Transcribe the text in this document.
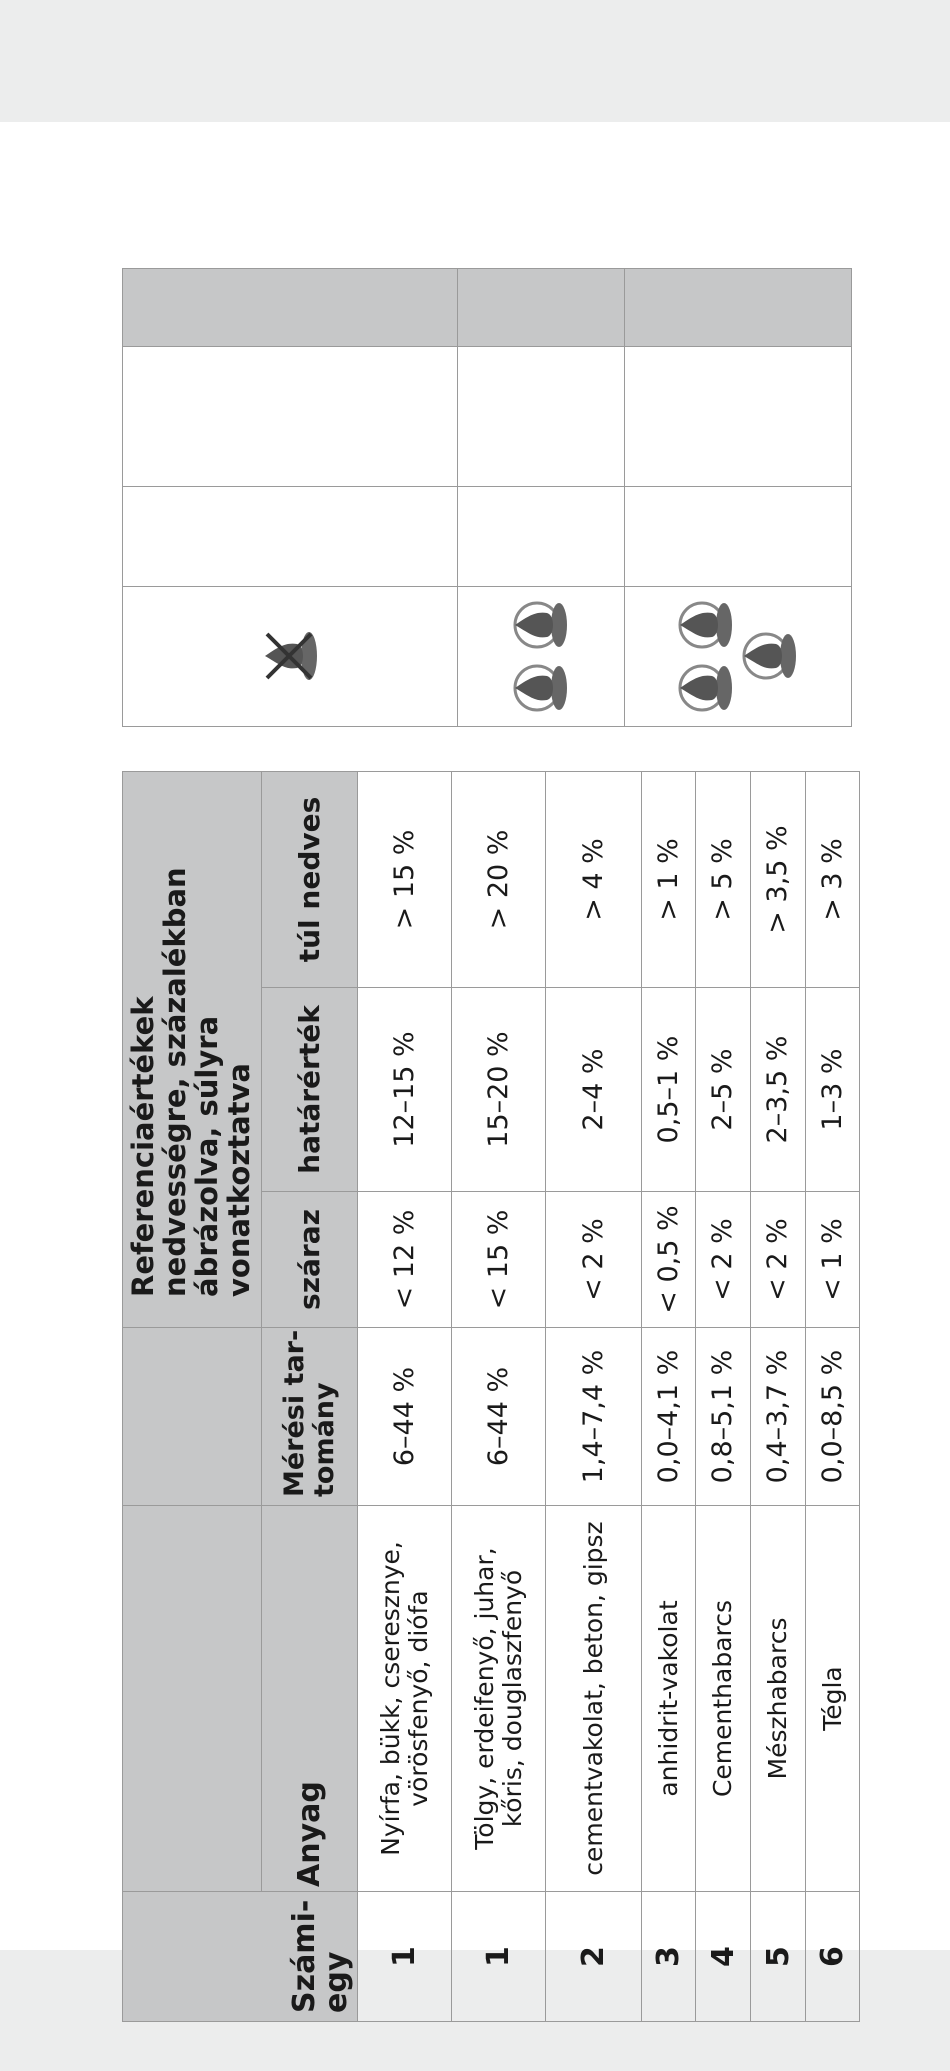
Számi-egy			Referenciaértékek nedvességre, százalékban ábrázolva, súlyra vonatkoztatva		

	Anyag	Mérési tar-tomány	száraz	határérték	túl nedves
1	Nyírfa, bükk, cseresznye, vörösfenyő, diófa	6–44 %	< 12 %	12–15 %	> 15 %
1	Tölgy, erdeifenyő, juhar, kőris, douglaszfenyő	6–44 %	< 15 %	15–20 %	> 20 %
2	cementvakolat, beton, gipsz	1,4–7,4 %	< 2 %	2–4 %	> 4 %
3	anhidrit-vakolat	0,0–4,1 %	< 0,5 %	0,5–1 %	> 1 %
4	Cementhabarcs	0,8–5,1 %	< 2 %	2–5 %	> 5 %
5	Mészhabarcs	0,4–3,7 %	< 2 %	2–3,5 %	> 3,5 %
6	Tégla	0,0–8,5 %	< 1 %	1–3 %	> 3 %
